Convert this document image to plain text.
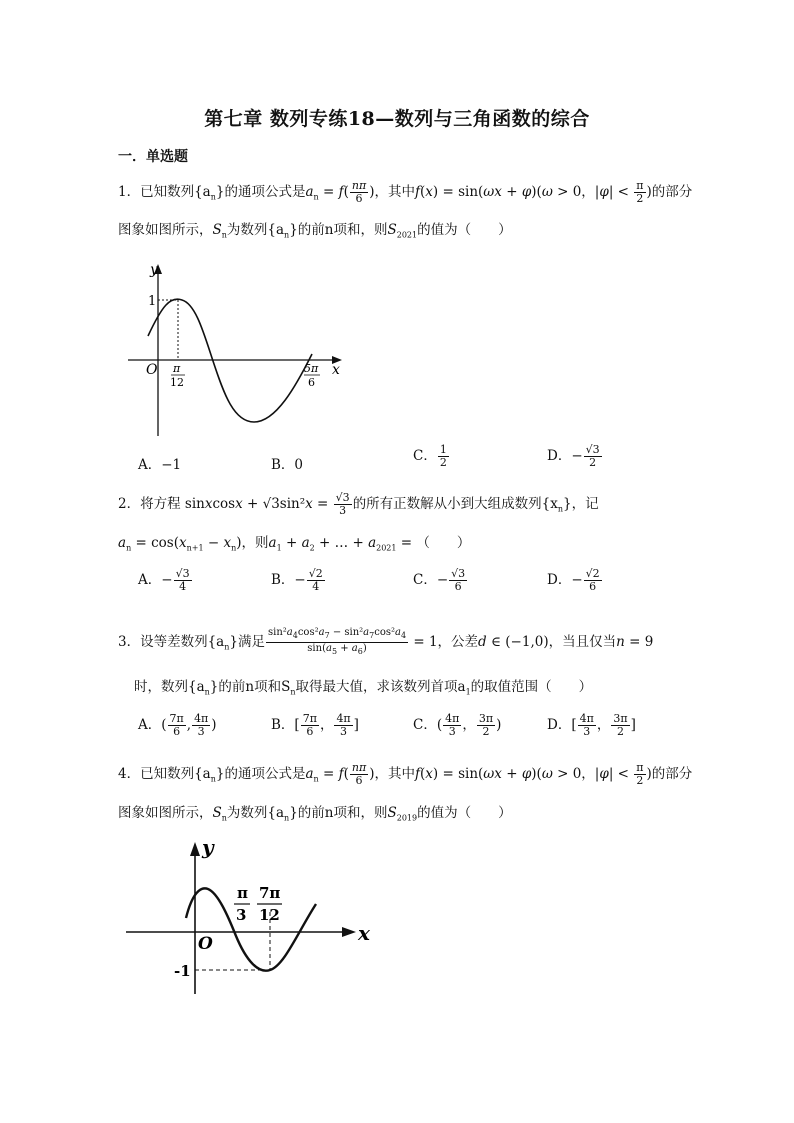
第七章 数列专练18—数列与三角函数的综合
一．单选题
1．已知数列$\{a_n\}$的通项公式是$a_n = f( \frac{n\pi}{6}$ )，其中f(x) = sin(ωx + φ)(ω > 0，$|\varphi| < \frac{\pi}{2}$ )的部分
图象如图所示，$S_n$为数列$\{a_n\}$的前n项和，则$S_{2021}$的值为（　　）
y
x
O
1
π
12
5π
6
A．−1	B．0
C． $\frac{1}{2}$	D．− $\frac{√3}{2}$
2．将方程 sinxcosx + $√3\sin^2x = \frac{√3}{3}$ 的所有正数解从小到大组成数列$\{x_n\}$，记
$a_n = \cos(x_{n+1} - x_n)$，则$a_1 + a_2$ + … + $a_{2021}$ = （　　）
A．− $\frac{√3}{4}$	B．− $\frac{√2}{4}$	C．− $\frac{√3}{6}$	D．− $\frac{√2}{6}$
3．设等差数列$\{a_n\}$满足 $\frac{\sin^2a_4\cos^2a_7 - \sin^2a_7\cos^2a_4}{\sin(a_5 + a_6)} = 1$，公差d ∈ (−1,0)，当且仅当n = 9
时，数列$\{a_n\}$的前n项和$S_n$取得最大值，求该数列首项$a_1$的取值范围（　　）
A．( $\frac{7\pi}{6}$ , $\frac{4\pi}{3}$ )	B．[ $\frac{7\pi}{6}$ ， $\frac{4\pi}{3}$ ]	C．( $\frac{4\pi}{3}$ ， $\frac{3\pi}{2}$ )	D．[ $\frac{4\pi}{3}$ ， $\frac{3\pi}{2}$ ]
4．已知数列$\{a_n\}$的通项公式是$a_n = f( \frac{n\pi}{6}$ )，其中f(x) = sin(ωx + φ)(ω > 0，$|\varphi| < \frac{\pi}{2}$ )的部分
图象如图所示，$S_n$为数列$\{a_n\}$的前n项和，则$S_{2019}$的值为（　　）
y
x
O
-1
π
3
7π
12
